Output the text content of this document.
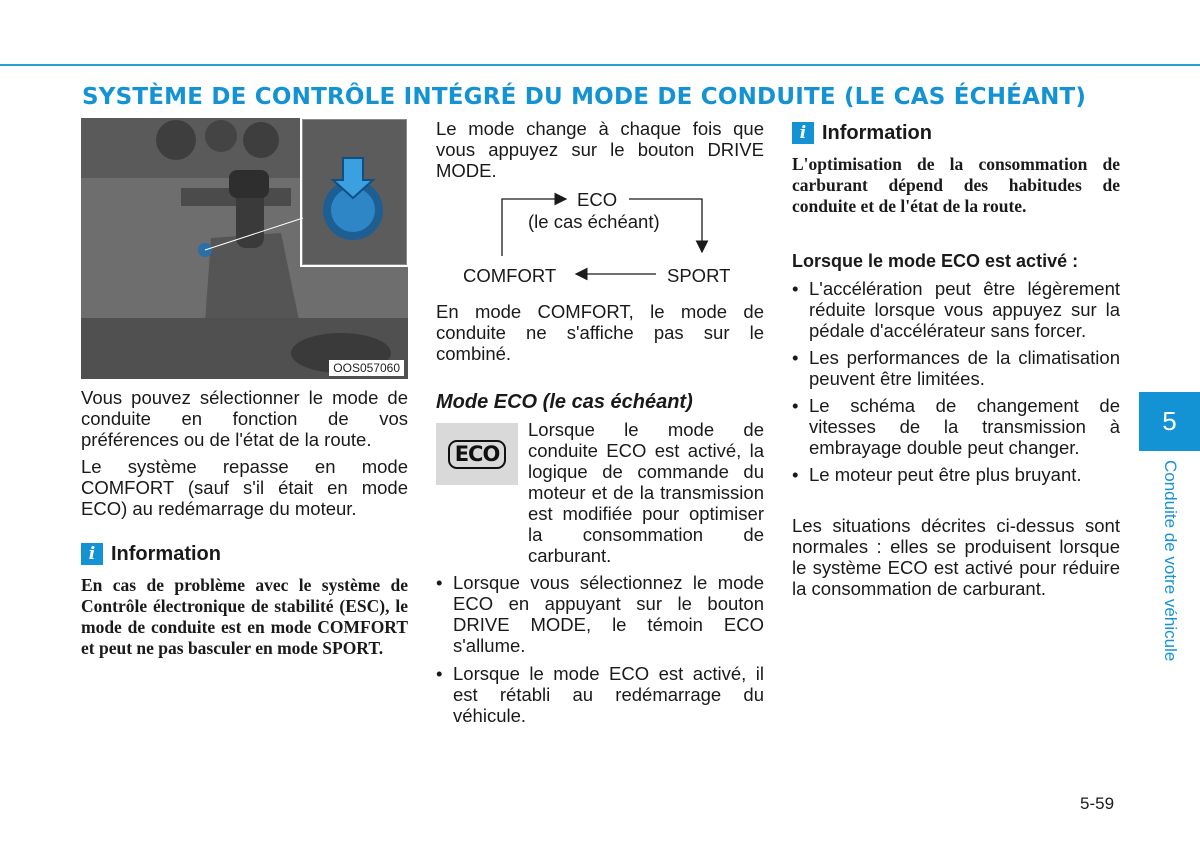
SYSTÈME DE CONTRÔLE INTÉGRÉ DU MODE DE CONDUITE (LE CAS ÉCHÉANT)
OOS057060

Vous pouvez sélectionner le mode de conduite en fonction de vos préférences ou de l'état de la route.

Le système repasse en mode COMFORT (sauf s'il était en mode ECO) au redémarrage du moteur.

i Information
En cas de problème avec le système de Contrôle électronique de stabilité (ESC), le mode de conduite est en mode COMFORT et peut ne pas basculer en mode SPORT.

Le mode change à chaque fois que vous appuyez sur le bouton DRIVE MODE.

ECO
(le cas échéant)
COMFORT	SPORT

En mode COMFORT, le mode de conduite ne s'affiche pas sur le combiné.

Mode ECO (le cas échéant)
ECO

Lorsque le mode de conduite ECO est activé, la logique de commande du moteur et de la transmission est modifiée pour optimiser la consommation de carburant.

• Lorsque vous sélectionnez le mode ECO en appuyant sur le bouton DRIVE MODE, le témoin ECO s'allume.
• Lorsque le mode ECO est activé, il est rétabli au redémarrage du véhicule.
i Information
L'optimisation de la consommation de carburant dépend des habitudes de conduite et de l'état de la route.
Lorsque le mode ECO est activé :
• L'accélération peut être légèrement réduite lorsque vous appuyez sur la pédale d'accélérateur sans forcer.
• Les performances de la climatisation peuvent être limitées.
• Le schéma de changement de vitesses de la transmission à embrayage double peut changer.
• Le moteur peut être plus bruyant.

Les situations décrites ci-dessus sont normales : elles se produisent lorsque le système ECO est activé pour réduire la consommation de carburant.

5
Conduite de votre véhicule
5-59
